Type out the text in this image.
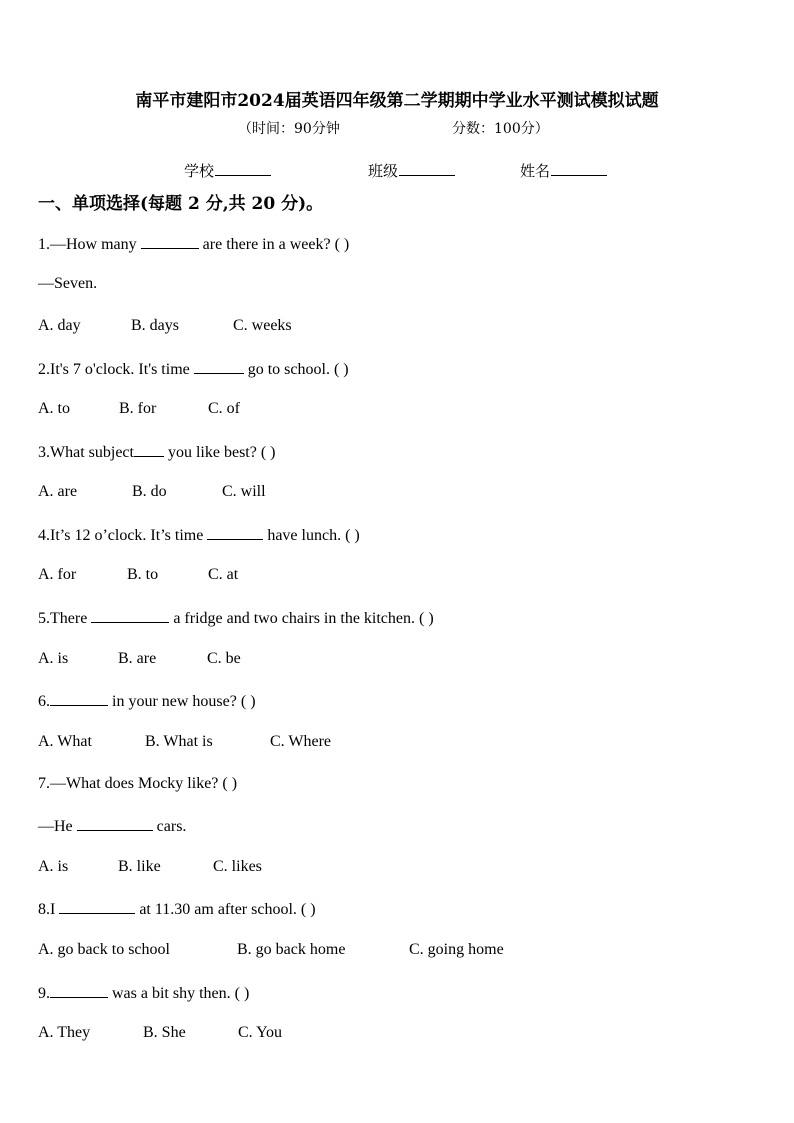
南平市建阳市2024届英语四年级第二学期期中学业水平测试模拟试题
（时间：90分钟	分数：100分）
学校	班级	姓名
一、单项选择(每题 2 分,共 20 分)。
1.—How many	are there in a week? ( )
—Seven.
A. day	B. days	C. weeks
2.It's 7 o'clock. It's time	go to school. ( )
A. to	B. for	C. of
3.What subject you like best? ( )
A. are	B. do	C. will
4.It’s 12 o’clock. It’s time	have lunch. ( )
A. for	B. to	C. at
5.There	a fridge and two chairs in the kitchen. ( )
A. is	B. are	C. be
6.	in your new house? ( )
A. What	B. What is	C. Where
7.—What does Mocky like? ( )
—He	cars.
A. is	B. like	C. likes
8.I	at 11.30 am after school. ( )
A. go back to school	B. go back home	C. going home
9.	was a bit shy then. ( )
A. They	B. She	C. You
